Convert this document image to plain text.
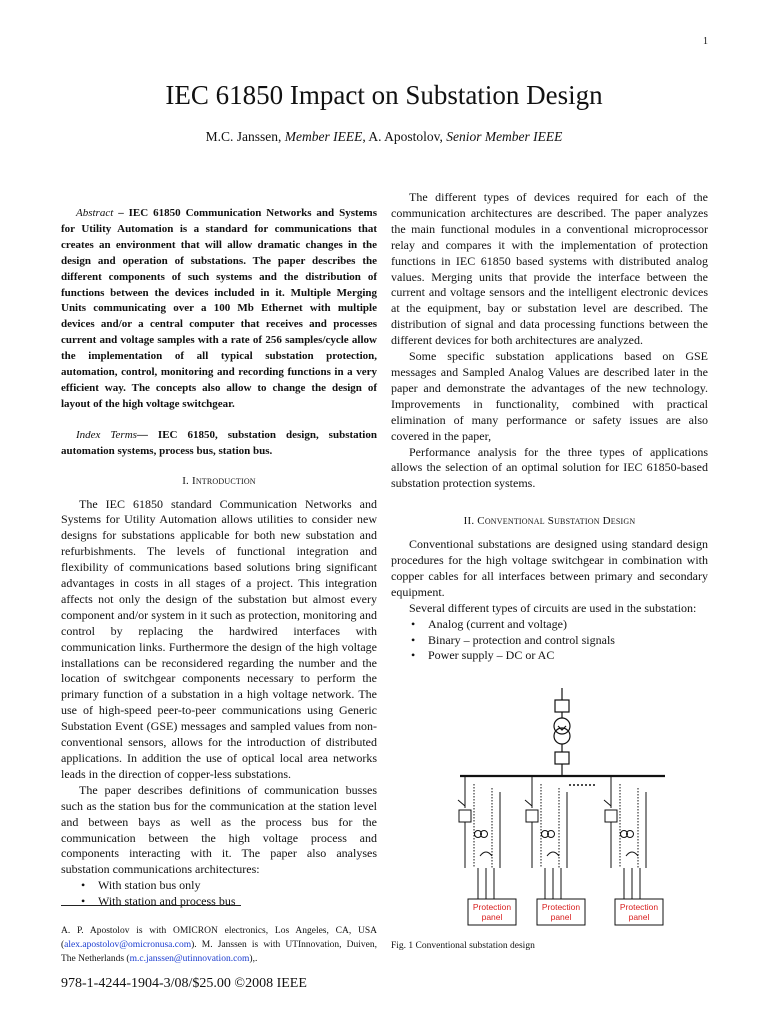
1
IEC 61850 Impact on Substation Design
M.C. Janssen, Member IEEE, A. Apostolov, Senior Member IEEE

Abstract – IEC 61850 Communication Networks and Systems for Utility Automation is a standard for communications that creates an environment that will allow dramatic changes in the design and operation of substations. The paper describes the different components of such systems and the distribution of functions between the devices included in it. Multiple Merging Units communicating over a 100 Mb Ethernet with multiple devices and/or a central computer that receives and processes current and voltage samples with a rate of 256 samples/cycle allow the implementation of all typical substation protection, automation, control, monitoring and recording functions in a very efficient way. The concepts also allow to change the design of layout of the high voltage switchgear.

Index Terms— IEC 61850, substation design, substation automation systems, process bus, station bus.

I. Introduction

The IEC 61850 standard Communication Networks and Systems for Utility Automation allows utilities to consider new designs for substations applicable for both new substation and refurbishments. The levels of functional integration and flexibility of communications based solutions bring significant advantages in costs in all stages of a project. This integration affects not only the design of the substation but almost every component and/or system in it such as protection, monitoring and control by replacing the hardwired interfaces with communication links. Furthermore the design of the high voltage installations can be reconsidered regarding the number and the location of switchgear components necessary to perform the primary function of a substation in a high voltage network. The use of high-speed peer-to-peer communications using Generic Substation Event (GSE) messages and sampled values from non-conventional sensors, allows for the introduction of distributed applications. In addition the use of optical local area networks leads in the direction of copper-less substations.

The paper describes definitions of communication busses such as the station bus for the communication at the station level and between bays as well as the process bus for the communication between the high voltage process and components interacting with it. The paper also analyses substation communications architectures:

• With station bus only
• With station and process bus

The different types of devices required for each of the communication architectures are described. The paper analyzes the main functional modules in a conventional microprocessor relay and compares it with the implementation of protection functions in IEC 61850 based systems with distributed analog values. Merging units that provide the interface between the current and voltage sensors and the intelligent electronic devices at the equipment, bay or substation level are described. The distribution of signal and data processing functions between the different devices for both architectures are analyzed.

Some specific substation applications based on GSE messages and Sampled Analog Values are described later in the paper and demonstrate the advantages of the new technology. Improvements in functionality, combined with practical elimination of many performance or safety issues are also covered in the paper,

Performance analysis for the three types of applications allows the selection of an optimal solution for IEC 61850-based substation protection systems.

II. Conventional Substation Design

Conventional substations are designed using standard design procedures for the high voltage switchgear in combination with copper cables for all interfaces between primary and secondary equipment.

Several different types of circuits are used in the substation:

• Analog (current and voltage)
• Binary – protection and control signals
• Power supply – DC or AC
Protection
panel
Protection
panel
Protection
panel
Fig. 1 Conventional substation design
A. P. Apostolov is with OMICRON electronics, Los Angeles, CA, USA (alex.apostolov@omicronusa.com). M. Janssen is with UTInnovation, Duiven, The Netherlands (m.c.janssen@utinnovation.com),.
978-1-4244-1904-3/08/$25.00 ©2008 IEEE
